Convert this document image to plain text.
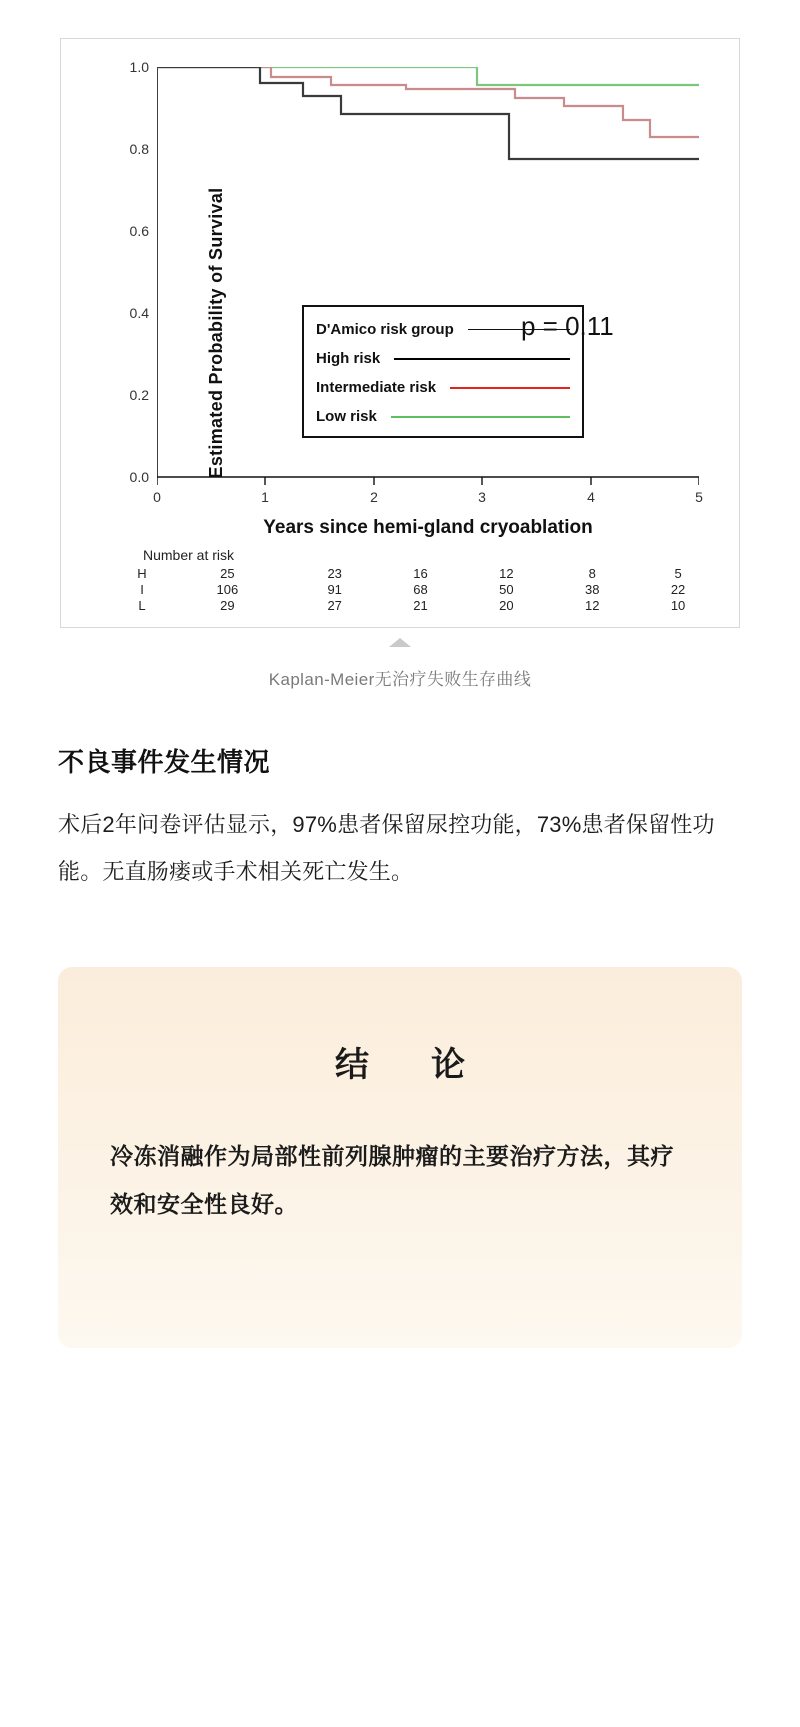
Estimated Probability of Survival
1.0
0.8
0.6
0.4
0.2
0.0
0	1	2	3	4	5
D'Amico risk group
High risk
Intermediate risk
Low risk
p = 0.11
Years since hemi-gland cryoablation
Number at risk
H	25	23	16	12	8	5
I	106	91	68	50	38	22
L	29	27	21	20	12	10
Kaplan-Meier无治疗失败生存曲线
不良事件发生情况

术后2年问卷评估显示，97%患者保留尿控功能，73%患者保留性功能。无直肠瘘或手术相关死亡发生。

结　论
冷冻消融作为局部性前列腺肿瘤的主要治疗方法，其疗效和安全性良好。
